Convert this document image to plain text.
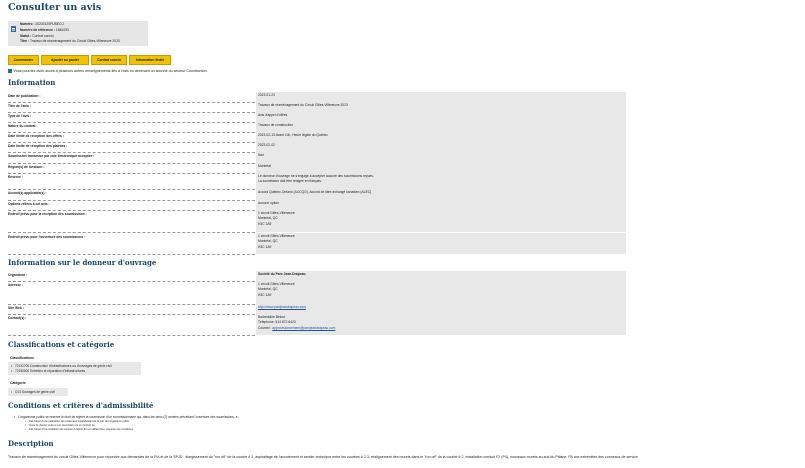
Consulter un avis
Numéro : 20230120PUBECO
Numéro de référence : 1681093
Statut : Contrat conclu
Titre : Travaux de réaménagement du Circuit Gilles-Villeneuve 2023
Commander	Ajouter au panier	Contrat conclu	Information finale
Vous pourriez avoir accès à plusieurs autres renseignements liés à l'avis en devenant un abonné du secteur Construction.
Information
Date de publication :	2023-01-23
Titre de l'avis :	Travaux de réaménagement du Circuit Gilles-Villeneuve 2023
Type de l'avis :	Avis d'appel d'offres
Nature du contrat :	Travaux de construction
Date limite de réception des offres :	2023-02-13 Avant 14h, Heure légale du Québec
Date limite de réception des plaintes :	2023-02-02
Soumission transmise par voie électronique acceptée :	Non
Région(s) de livraison :	Montréal
Réserve :	Le donneur d'ouvrage ne s'engage à accepter aucune des soumissions reçues.
La soumission doit être rédigée en français.
Accord(s) applicable(s) :	Accord Québec-Ontario (ACCQO), Accord de libre-échange canadien (ALEC)
Options reliées à cet avis :	Aucune option
Endroit prévu pour la réception des soumissions :	1 circuit Gilles-Villeneuve
Montréal, QC
H3C 1A9
Endroit prévu pour l'ouverture des soumissions :	1 circuit Gilles-Villeneuve
Montréal, QC
H3C 1A9
Information sur le donneur d'ouvrage
Organisme :	Société du Parc Jean-Drapeau
Adresse :	1 circuit Gilles-Villeneuve
Montréal, QC
H3C 1A9
Site Web :	http://www.parcjeandrapeau.com
Contact(s) :	Badreddine Belout
Téléphone: 514 872-6423
Courriel : approvisionnement@parcjeandrapeau.com
Classifications et catégorie
Classifications
• 72131700 Construction d'infrastructures ou d'ouvrages de génie civil
• 72150000 Entretien et réparation d'infrastructures
Catégorie
• C03 Ouvrages de génie civil
Conditions et critères d'admissibilité
• L'organisme public se réserve le droit de rejeter la soumission d'un soumissionnaire qui, dans les deux (2) années précédant l'ouverture des soumissions, a :
• Fait l'objet d'une évaluation de rendement insatisfaisant de la part de l'organisme public
• Omis de donner suite à une soumission ou un contrat; ou
• Fait l'objet d'une résiliation de contrat en raison de son défaut d'en respecter les conditions.
Description
Travaux de réaménagement du circuit Gilles-Villeneuve pour répondre aux demandes de la FIA et de la SPJD : élargissement du "run off" de la courbe # 3, asphaltage de l'accotement et sentier technique entre les courbes # 2-3, réalignement des murets dans le "run off" de la courbe # 2, installation conduit F2 (P4), nouveaux murets au sud du Pitlane, PA aux extrémités des conneaux de service
